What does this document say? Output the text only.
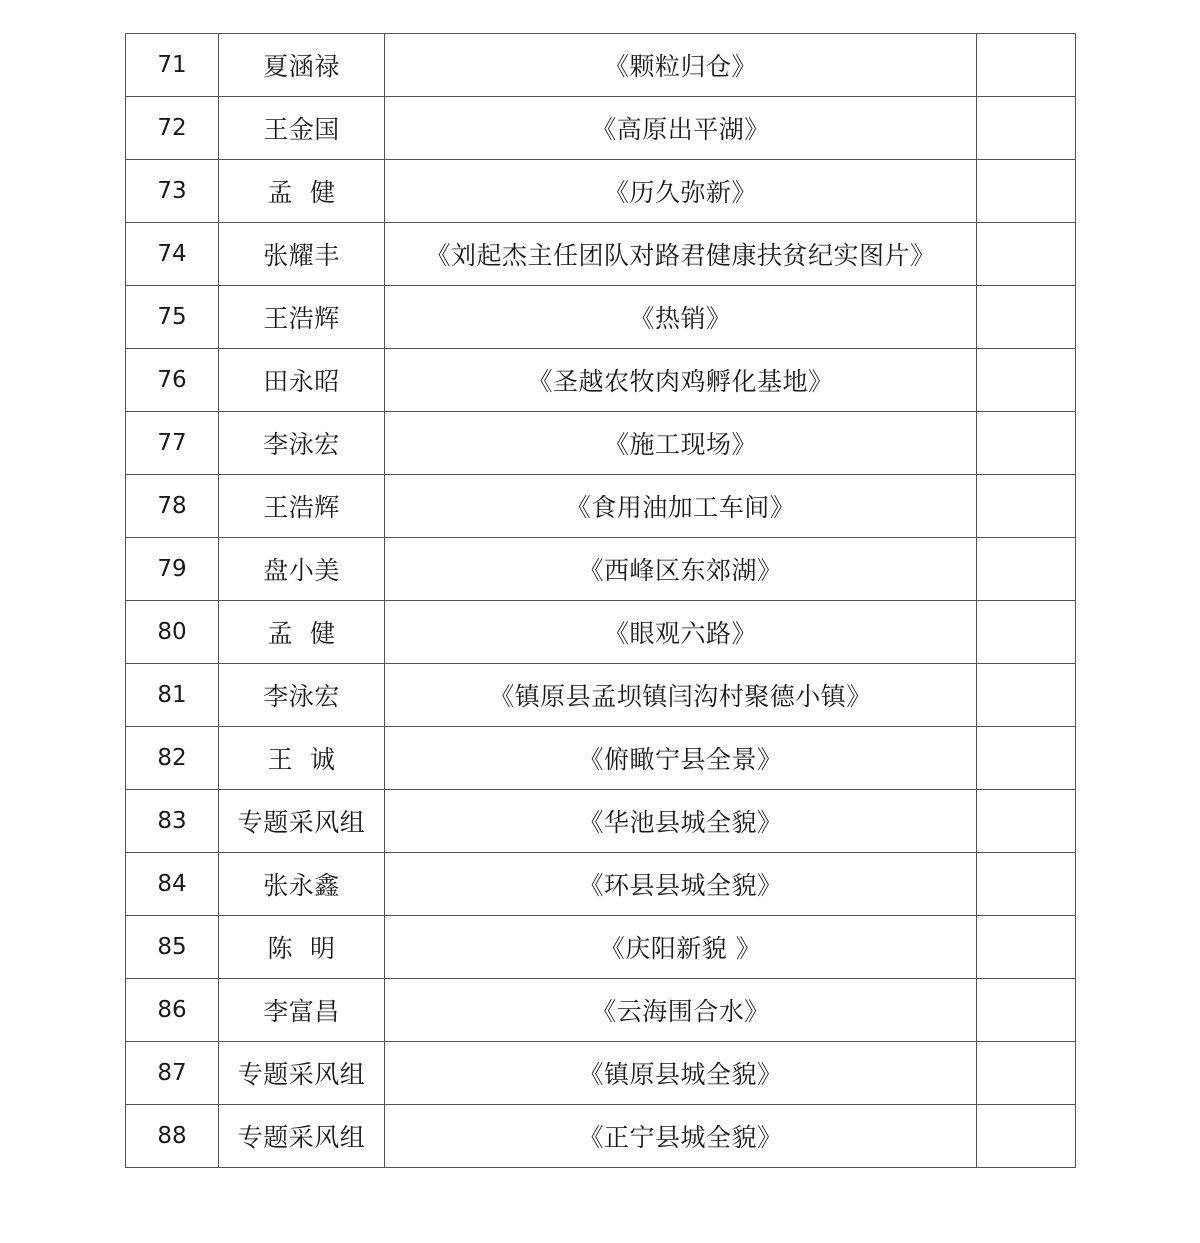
71	夏涵禄	《颗粒归仓》	
72	王金国	《高原出平湖》	
73	孟  健	《历久弥新》	
74	张耀丰	《刘起杰主任团队对路君健康扶贫纪实图片》	
75	王浩辉	《热销》	
76	田永昭	《圣越农牧肉鸡孵化基地》	
77	李泳宏	《施工现场》	
78	王浩辉	《食用油加工车间》	
79	盘小美	《西峰区东郊湖》	
80	孟  健	《眼观六路》	
81	李泳宏	《镇原县孟坝镇闫沟村聚德小镇》	
82	王  诚	《俯瞰宁县全景》	
83	专题采风组	《华池县城全貌》	
84	张永鑫	《环县县城全貌》	
85	陈  明	《庆阳新貌 》	
86	李富昌	《云海围合水》	
87	专题采风组	《镇原县城全貌》	
88	专题采风组	《正宁县城全貌》	
